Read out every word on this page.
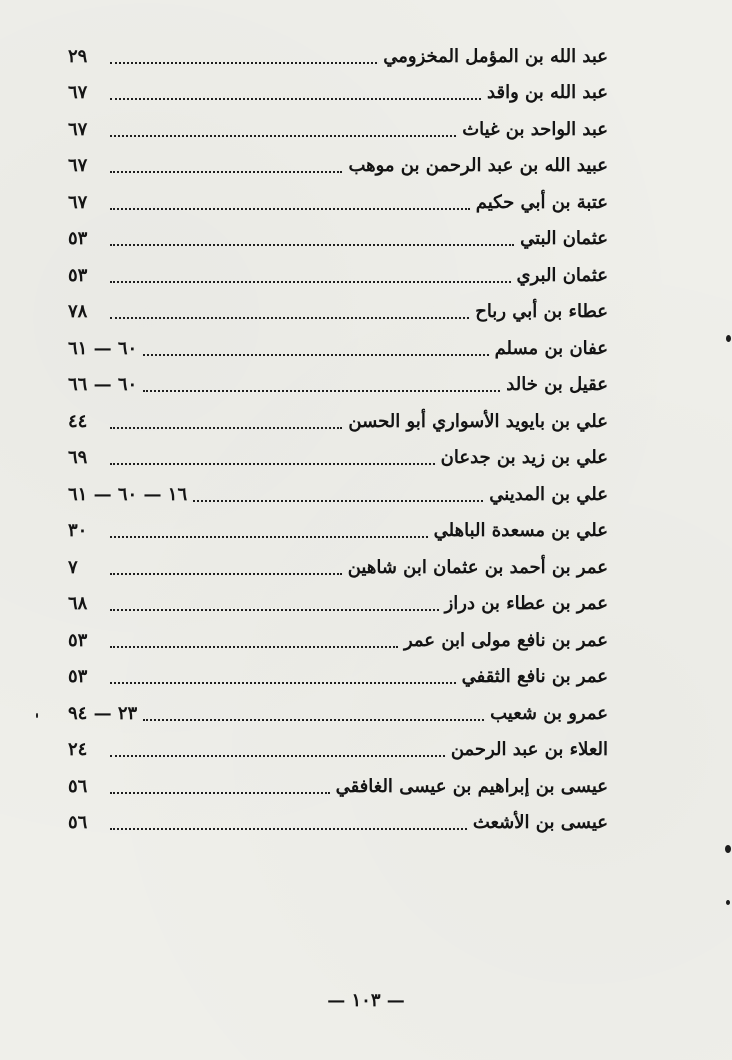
عبد الله بن المؤمل المخزومي
٢٩
عبد الله بن واقد
٦٧
عبد الواحد بن غياث
٦٧
عبيد الله بن عبد الرحمن بن موهب
٦٧
عتبة بن أبي حكيم
٦٧
عثمان البتي
٥٣
عثمان البري
٥٣
عطاء بن أبي رباح
٧٨
عفان بن مسلم
٦٠ — ٦١
عقيل بن خالد
٦٠ — ٦٦
علي بن بايويد الأسواري أبو الحسن
٤٤
علي بن زيد بن جدعان
٦٩
علي بن المديني
١٦ — ٦٠ — ٦١
علي بن مسعدة الباهلي
٣٠
عمر بن أحمد بن عثمان ابن شاهين
٧
عمر بن عطاء بن دراز
٦٨
عمر بن نافع مولى ابن عمر
٥٣
عمر بن نافع الثقفي
٥٣
عمرو بن شعيب
٢٣ — ٩٤
العلاء بن عبد الرحمن
٢٤
عيسى بن إبراهيم بن عيسى الغافقي
٥٦
عيسى بن الأشعث
٥٦
— ١٠٣ —
